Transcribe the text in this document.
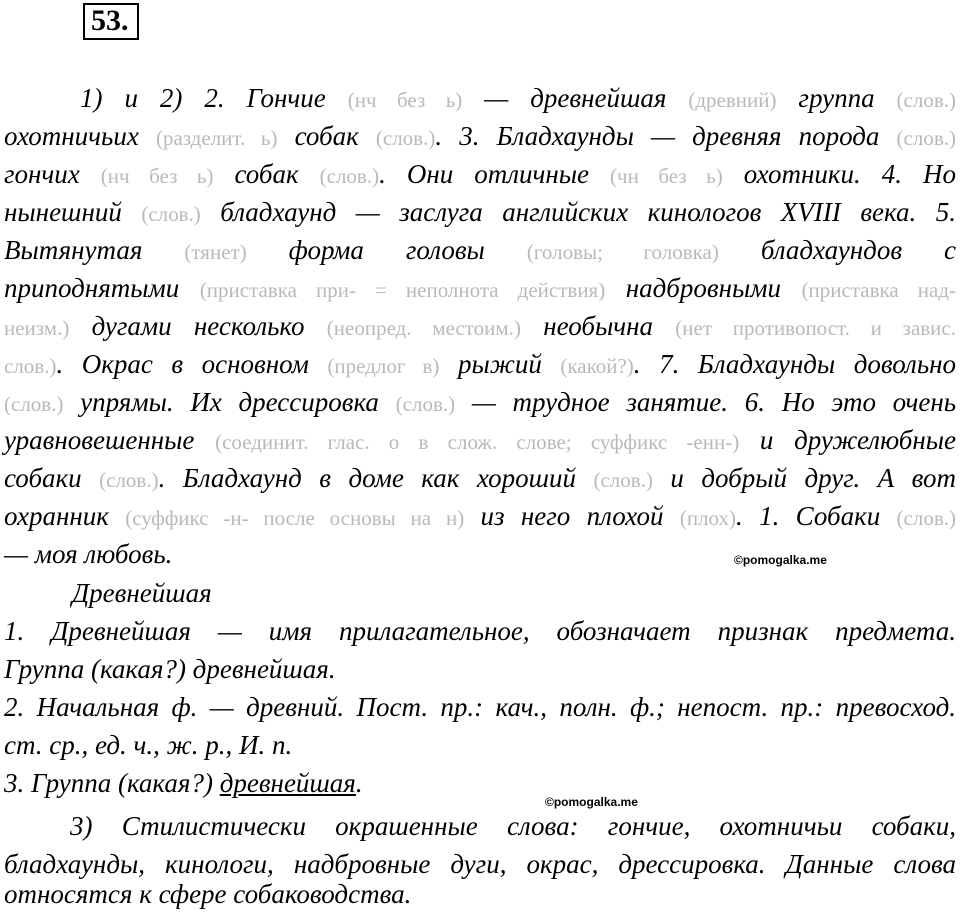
53.
1) и 2) 2. Гончие (нч без ь) — древнейшая (древний) группа (слов.)
охотничьих (разделит. ь) собак (слов.). 3. Бладхаунды — древняя порода (слов.)
гончих (нч без ь) собак (слов.). Они отличные (чн без ь) охотники. 4. Но
нынешний (слов.) бладхаунд — заслуга английских кинологов XVIII века. 5.
Вытянутая (тянет) форма головы (головы; головка) бладхаундов с
приподнятыми (приставка при- = неполнота действия) надбровными (приставка над-
неизм.) дугами несколько (неопред. местоим.) необычна (нет противопост. и завис.
слов.). Окрас в основном (предлог в) рыжий (какой?). 7. Бладхаунды довольно
(слов.) упрямы. Их дрессировка (слов.) — трудное занятие. 6. Но это очень
уравновешенные (соединит. глас. о в слож. слове; суффикс -енн-) и дружелюбные
собаки (слов.). Бладхаунд в доме как хороший (слов.) и добрый друг. А вот
охранник (суффикс -н- после основы на н) из него плохой (плох). 1. Собаки (слов.)
— моя любовь.	©pomogalka.me
Древнейшая
1. Древнейшая — имя прилагательное, обозначает признак предмета.
Группа (какая?) древнейшая.
2. Начальная ф. — древний. Пост. пр.: кач., полн. ф.; непост. пр.: превосход.
ст. ср., ед. ч., ж. р., И. п.
3. Группа (какая?) древнейшая.
©pomogalka.me
3) Стилистически окрашенные слова: гончие, охотничьи собаки,
бладхаунды, кинологи, надбровные дуги, окрас, дрессировка. Данные слова
относятся к сфере собаководства.
